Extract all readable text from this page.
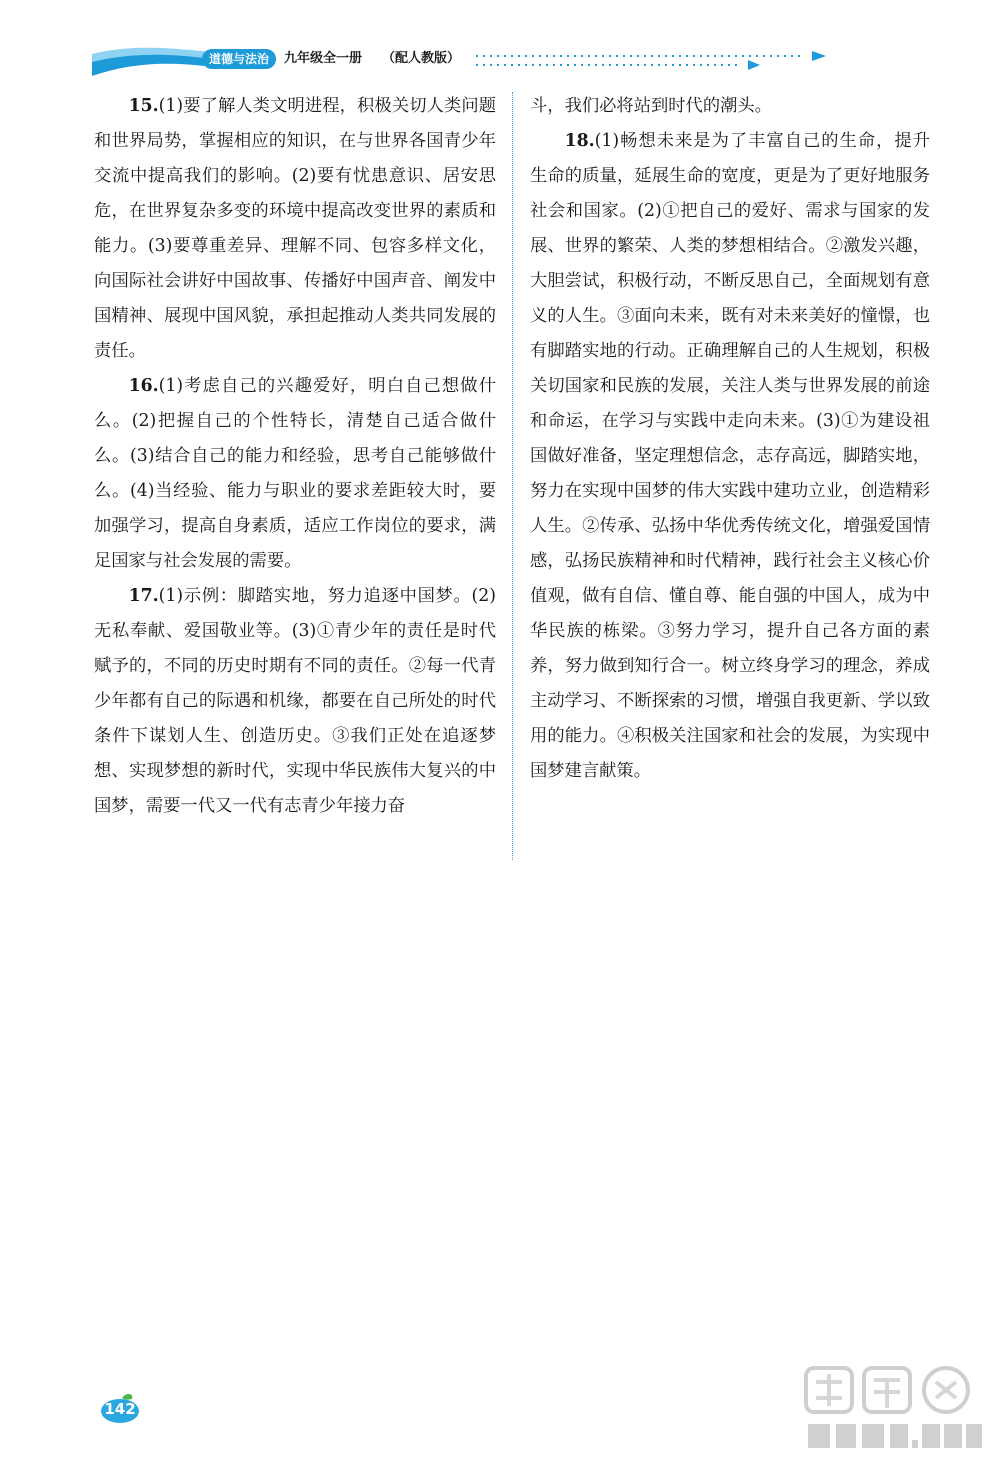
道德与法治	九年级全一册 （配人教版）

15.(1)要了解人类文明进程，积极关切人类问题和世界局势，掌握相应的知识，在与世界各国青少年交流中提高我们的影响。(2)要有忧患意识、居安思危，在世界复杂多变的环境中提高改变世界的素质和能力。(3)要尊重差异、理解不同、包容多样文化，向国际社会讲好中国故事、传播好中国声音、阐发中国精神、展现中国风貌，承担起推动人类共同发展的责任。

16.(1)考虑自己的兴趣爱好，明白自己想做什么。(2)把握自己的个性特长，清楚自己适合做什么。(3)结合自己的能力和经验，思考自己能够做什么。(4)当经验、能力与职业的要求差距较大时，要加强学习，提高自身素质，适应工作岗位的要求，满足国家与社会发展的需要。

17.(1)示例：脚踏实地，努力追逐中国梦。(2)无私奉献、爱国敬业等。(3)①青少年的责任是时代赋予的，不同的历史时期有不同的责任。②每一代青少年都有自己的际遇和机缘，都要在自己所处的时代条件下谋划人生、创造历史。③我们正处在追逐梦想、实现梦想的新时代，实现中华民族伟大复兴的中国梦，需要一代又一代有志青少年接力奋

斗，我们必将站到时代的潮头。

18.(1)畅想未来是为了丰富自己的生命，提升生命的质量，延展生命的宽度，更是为了更好地服务社会和国家。(2)①把自己的爱好、需求与国家的发展、世界的繁荣、人类的梦想相结合。②激发兴趣，大胆尝试，积极行动，不断反思自己，全面规划有意义的人生。③面向未来，既有对未来美好的憧憬，也有脚踏实地的行动。正确理解自己的人生规划，积极关切国家和民族的发展，关注人类与世界发展的前途和命运，在学习与实践中走向未来。(3)①为建设祖国做好准备，坚定理想信念，志存高远，脚踏实地，努力在实现中国梦的伟大实践中建功立业，创造精彩人生。②传承、弘扬中华优秀传统文化，增强爱国情感，弘扬民族精神和时代精神，践行社会主义核心价值观，做有自信、懂自尊、能自强的中国人，成为中华民族的栋梁。③努力学习，提升自己各方面的素养，努力做到知行合一。树立终身学习的理念，养成主动学习、不断探索的习惯，增强自我更新、学以致用的能力。④积极关注国家和社会的发展，为实现中国梦建言献策。

142
